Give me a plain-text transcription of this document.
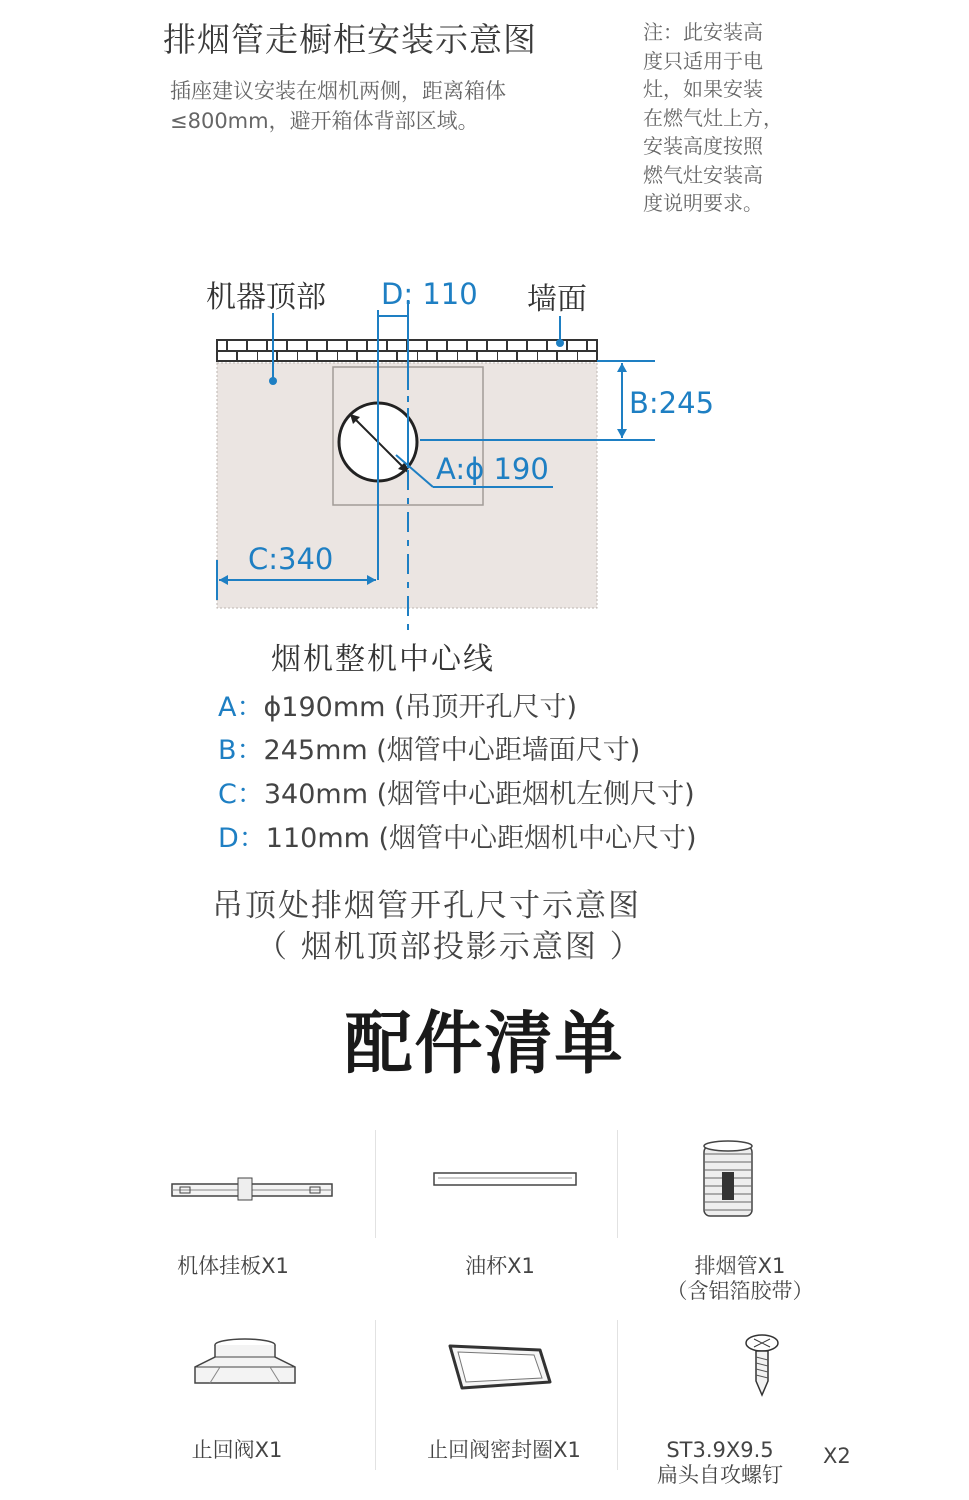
排烟管走橱柜安装示意图
插座建议安装在烟机两侧，距离箱体
≤800mm，避开箱体背部区域。
注：此安装高
度只适用于电
灶，如果安装
在燃气灶上方，
安装高度按照
燃气灶安装高
度说明要求。
机器顶部	墙面
D: 110
B:245
A:ɸ 190
C:340
烟机整机中心线
A：ɸ190mm (吊顶开孔尺寸)
B：245mm (烟管中心距墙面尺寸)
C：340mm (烟管中心距烟机左侧尺寸)
D：110mm (烟管中心距烟机中心尺寸)
吊顶处排烟管开孔尺寸示意图
（ 烟机顶部投影示意图 ）
配件清单
机体挂板X1	油杯X1	排烟管X1
（含铝箔胶带）
止回阀X1	止回阀密封圈X1	ST3.9X9.5
扁头自攻螺钉
X2
